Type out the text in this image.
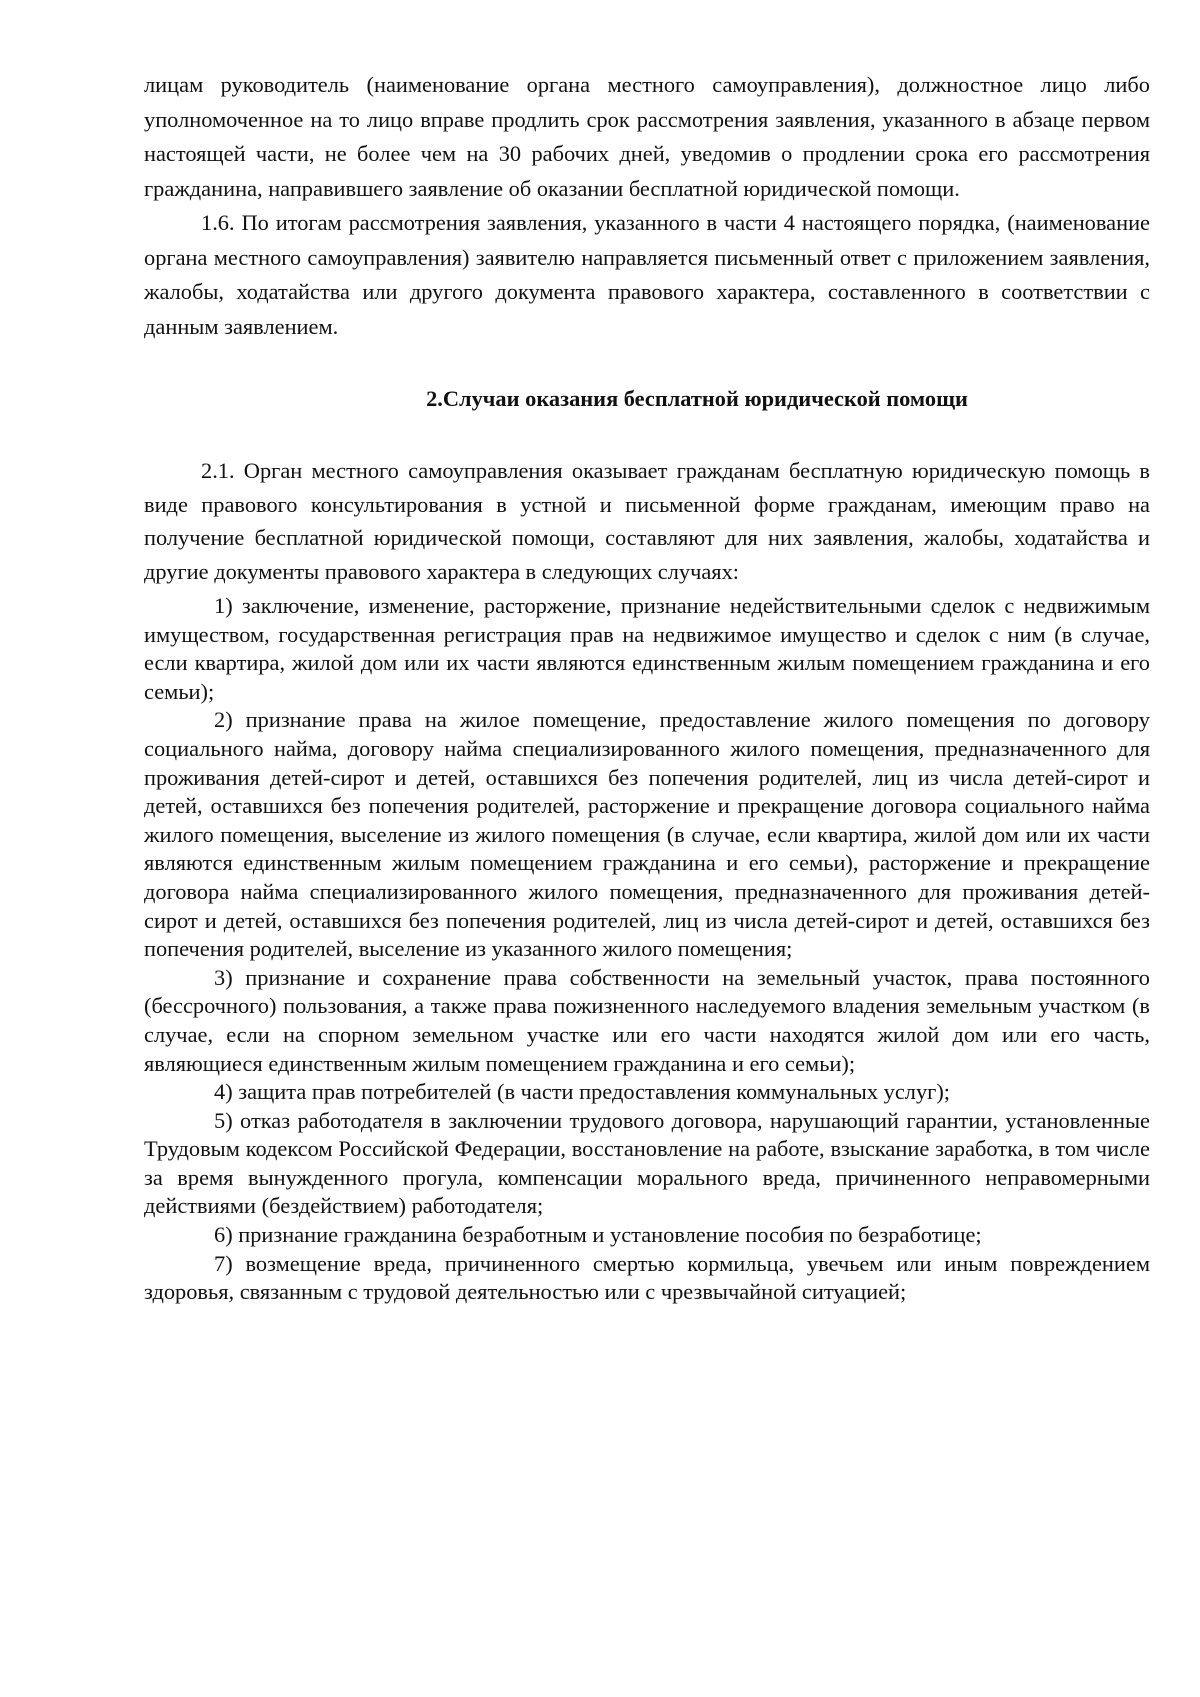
лицам руководитель (наименование органа местного самоуправления), должностное лицо либо уполномоченное на то лицо вправе продлить срок рассмотрения заявления, указанного в абзаце первом настоящей части, не более чем на 30 рабочих дней, уведомив о продлении срока его рассмотрения гражданина, направившего заявление об оказании бесплатной юридической помощи.

1.6. По итогам рассмотрения заявления, указанного в части 4 настоящего порядка, (наименование органа местного самоуправления) заявителю направляется письменный ответ с приложением заявления, жалобы, ходатайства или другого документа правового характера, составленного в соответствии с данным заявлением.

2.Случаи оказания бесплатной юридической помощи

2.1. Орган местного самоуправления оказывает гражданам бесплатную юридическую помощь в виде правового консультирования в устной и письменной форме гражданам, имеющим право на получение бесплатной юридической помощи, составляют для них заявления, жалобы, ходатайства и другие документы правового характера в следующих случаях:

1) заключение, изменение, расторжение, признание недействительными сделок с недвижимым имуществом, государственная регистрация прав на недвижимое имущество и сделок с ним (в случае, если квартира, жилой дом или их части являются единственным жилым помещением гражданина и его семьи);

2) признание права на жилое помещение, предоставление жилого помещения по договору социального найма, договору найма специализированного жилого помещения, предназначенного для проживания детей-сирот и детей, оставшихся без попечения родителей, лиц из числа детей-сирот и детей, оставшихся без попечения родителей, расторжение и прекращение договора социального найма жилого помещения, выселение из жилого помещения (в случае, если квартира, жилой дом или их части являются единственным жилым помещением гражданина и его семьи), расторжение и прекращение договора найма специализированного жилого помещения, предназначенного для проживания детей-сирот и детей, оставшихся без попечения родителей, лиц из числа детей-сирот и детей, оставшихся без попечения родителей, выселение из указанного жилого помещения;

3) признание и сохранение права собственности на земельный участок, права постоянного (бессрочного) пользования, а также права пожизненного наследуемого владения земельным участком (в случае, если на спорном земельном участке или его части находятся жилой дом или его часть, являющиеся единственным жилым помещением гражданина и его семьи);

4) защита прав потребителей (в части предоставления коммунальных услуг);

5) отказ работодателя в заключении трудового договора, нарушающий гарантии, установленные Трудовым кодексом Российской Федерации, восстановление на работе, взыскание заработка, в том числе за время вынужденного прогула, компенсации морального вреда, причиненного неправомерными действиями (бездействием) работодателя;

6) признание гражданина безработным и установление пособия по безработице;

7) возмещение вреда, причиненного смертью кормильца, увечьем или иным повреждением здоровья, связанным с трудовой деятельностью или с чрезвычайной ситуацией;
